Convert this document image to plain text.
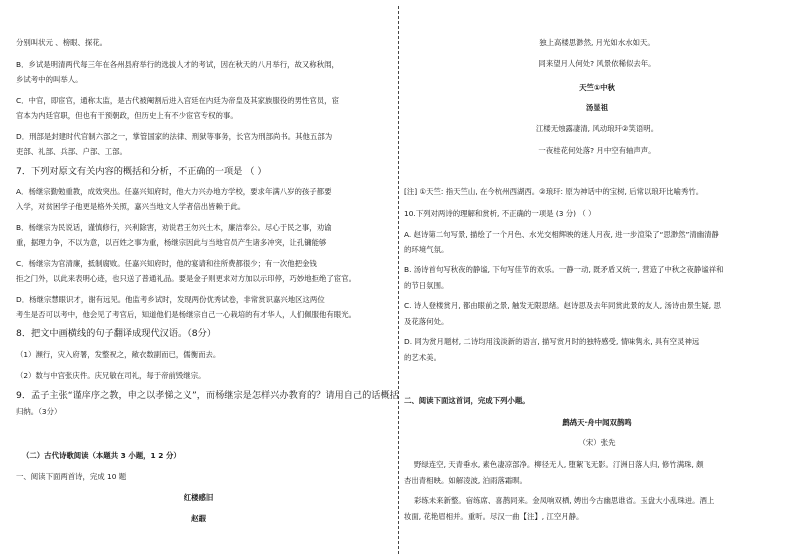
分别叫状元 、榜眼、探花。
B．乡试是明清两代每三年在各州县府举行的选拔人才的考试，因在秋天的八月举行，故又称秋闱，
乡试考中的叫举人。
C．中官，即宦官，通称太监，是古代被阉割后进入宫廷在内廷为帝皇及其家族服役的男性官员，宦
官本为内廷官职，但也有干预朝政，但历史上有不少宦官专权的事。
D．刑部是封建时代官制六部之一，掌管国家的法律、刑狱等事务，长官为刑部尚书。其他五部为
吏部、礼部、兵部、户部、工部。
7．下列对原文有关内容的概括和分析，不正确的一项是 （ ）
A．杨继宗勤勉重教，成效突出。任嘉兴知府时，他大力兴办地方学校，要求年满八岁的孩子都要
入学，对贫困学子他更是格外关照，嘉兴当地文人学者倍出皆赖于此。
B．杨继宗为民说话，谨慎修行，兴利除害，劝说君王勿兴土木，廉洁奉公。尽心于民之事，劝谕
重，据理力争，不以为意，以百姓之事为重，杨继宗因此与当地官员产生诸多冲突，让孔镛能够
C．杨继宗为官清廉，抵制腐败。任嘉兴知府时，他的宴请和往所费都很少；有一次他把金钱
拒之门外，以此来表明心迹，也只送了普通礼品。要是金子则更求对方加以示印停，巧妙地拒绝了宦官。
D．杨继宗慧眼识才，谢有远见。他监考乡试时，发现两份优秀试卷，非常赏识嘉兴地区这两位
考生是否可以考中，他会见了考官后，知道他们是杨继宗自己一心栽培的有才华人，人们佩服他有眼光。
8．把文中画横线的句子翻译成现代汉语。（8分）
（1）濒行，灾入府署，发整祝之，敞衣数副而已，儒衡而去。
（2）数与中宫张庆件。庆兄敏在司礼，每于帝前毁继宗。
9．孟子主张“谨庠序之教，申之以孝悌之义”，而杨继宗是怎样兴办教育的？请用自己的话概括
归纳。（3分）
（二）古代诗歌阅读（本题共 3 小题，1 2 分）
一、阅读下面两首诗，完成 10 题
红楼感旧
赵嘏
独上高楼思渺然, 月光如水水如天。
同来望月人何处? 风景依稀似去年。
天竺①中秋
汤显祖
江楼无烛露凄清, 风动琅玕②笑语明。
一夜桂花何处落? 月中空有轴声声。
[注] ①天竺: 指天竺山, 在今杭州西湖西。②琅玕: 原为神话中的宝树, 后常以琅玕比喻秀竹。
10.下列对两诗的理解和赏析, 不正确的一项是 (3 分) （ ）
A. 赵诗第二句写景, 描绘了一个月色、水光交相辉映的迷人月夜, 进一步渲染了“思渺然”清幽清静
的环境气氛。
B. 汤诗首句写秋夜的静谧, 下句写佳节的欢乐。一静一动, 既矛盾又统一, 营造了中秋之夜静谧祥和
的节日氛围。
C. 诗人登楼赏月, 都由眼前之景, 触发无限思绪。赵诗思及去年同赏此景的友人, 汤诗由景生疑, 思
及花落何处。
D. 同为赏月题材, 二诗均用浅淡新的语言, 描写赏月时的独特感受, 情味隽永, 具有空灵神远
的艺术美。
二、阅读下面这首词，完成下列小题。
鹧鸪天·舟中闻双鹊鸣
（宋）张先
野绿连空, 天青垂水, 素色凄凉部净。柳径无人, 堕絮飞无影。汀洲日落人归, 修竹满珠, 颇
杏出青相映。如解凌波, 泊雨落霜暝。
彩练未来新整。宿练席、喜鹊同来。金凤响双栖, 娉出今古幽思谁省。玉盘大小乱珠迸。酒上
妆面, 花艳眉相并。重听。尽汉一曲【注】, 江空月静。
